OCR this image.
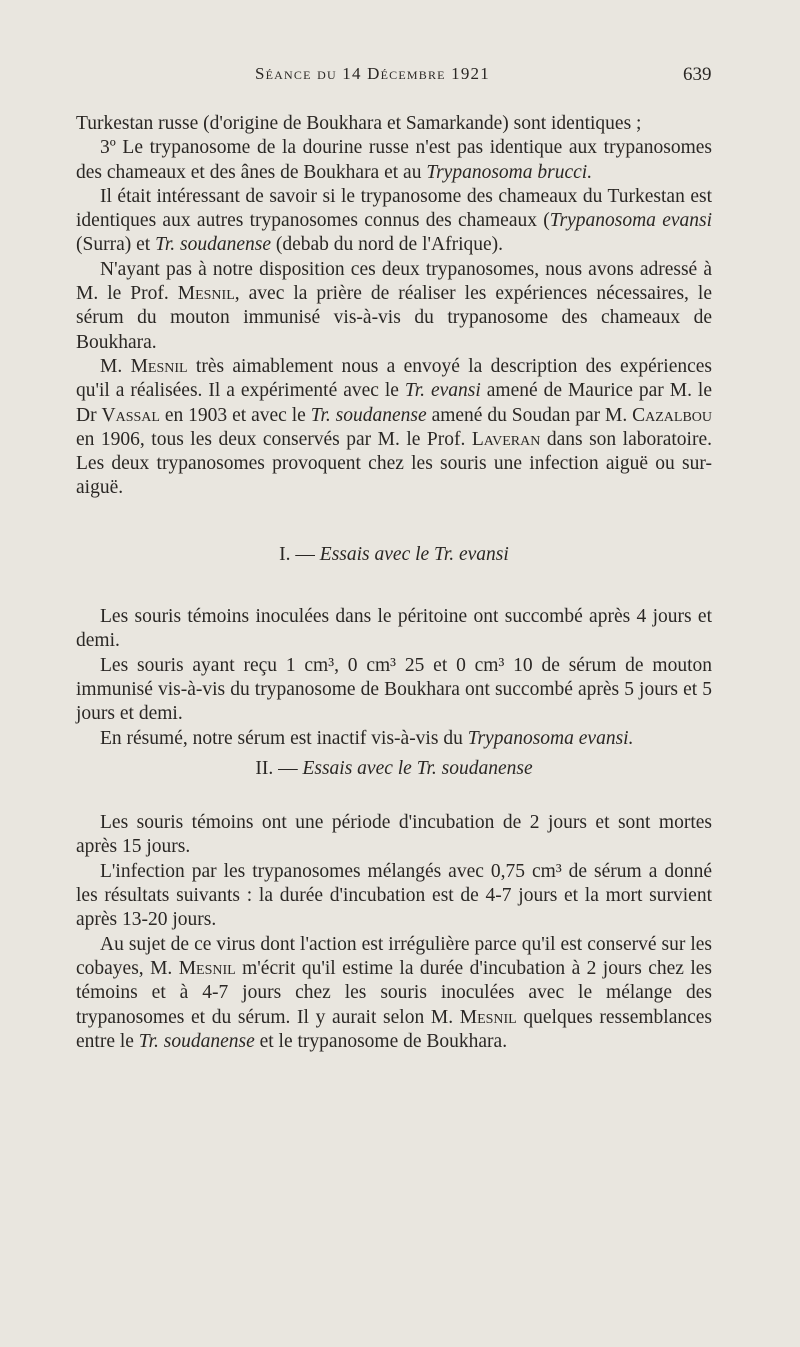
Séance du 14 Décembre 1921	639

Turkestan russe (d'origine de Boukhara et Samarkande) sont identiques ;

3º Le trypanosome de la dourine russe n'est pas identique aux trypanosomes des chameaux et des ânes de Boukhara et au Trypanosoma brucci.

Il était intéressant de savoir si le trypanosome des chameaux du Turkestan est identiques aux autres trypanosomes connus des chameaux (Trypanosoma evansi (Surra) et Tr. soudanense (debab du nord de l'Afrique).

N'ayant pas à notre disposition ces deux trypanosomes, nous avons adressé à M. le Prof. Mesnil, avec la prière de réaliser les expériences nécessaires, le sérum du mouton immunisé vis-à-vis du trypanosome des chameaux de Boukhara.

M. Mesnil très aimablement nous a envoyé la description des expériences qu'il a réalisées. Il a expérimenté avec le Tr. evansi amené de Maurice par M. le Dr Vassal en 1903 et avec le Tr. soudanense amené du Soudan par M. Cazalbou en 1906, tous les deux conservés par M. le Prof. Laveran dans son laboratoire. Les deux trypanosomes provoquent chez les souris une infection aiguë ou sur-aiguë.

I. — Essais avec le Tr. evansi

Les souris témoins inoculées dans le péritoine ont succombé après 4 jours et demi.

Les souris ayant reçu 1 cm³, 0 cm³ 25 et 0 cm³ 10 de sérum de mouton immunisé vis-à-vis du trypanosome de Boukhara ont succombé après 5 jours et 5 jours et demi.

En résumé, notre sérum est inactif vis-à-vis du Trypanosoma evansi.

II. — Essais avec le Tr. soudanense

Les souris témoins ont une période d'incubation de 2 jours et sont mortes après 15 jours.

L'infection par les trypanosomes mélangés avec 0,75 cm³ de sérum a donné les résultats suivants : la durée d'incubation est de 4-7 jours et la mort survient après 13-20 jours.

Au sujet de ce virus dont l'action est irrégulière parce qu'il est conservé sur les cobayes, M. Mesnil m'écrit qu'il estime la durée d'incubation à 2 jours chez les témoins et à 4-7 jours chez les souris inoculées avec le mélange des trypanosomes et du sérum. Il y aurait selon M. Mesnil quelques ressemblances entre le Tr. soudanense et le trypanosome de Boukhara.
